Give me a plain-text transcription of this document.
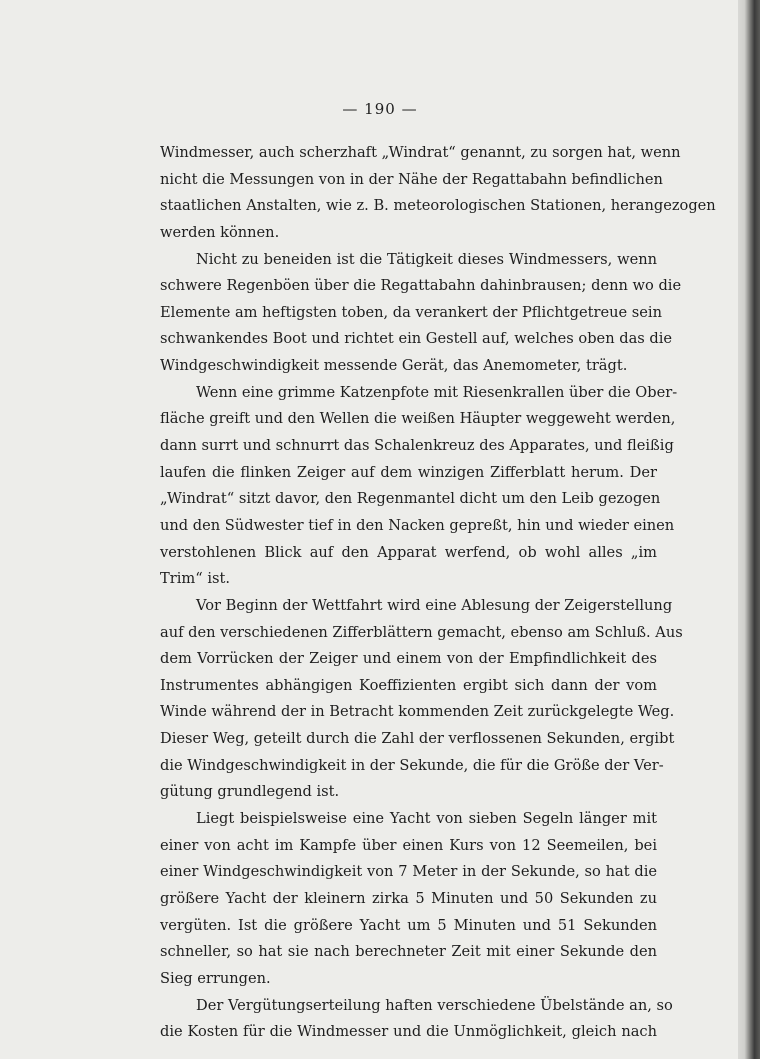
— 190 —
Windmesser, auch scherzhaft „Windrat“ genannt, zu sorgen hat, wenn
nicht die Messungen von in der Nähe der Regattabahn befindlichen
staatlichen Anstalten, wie z. B. meteorologischen Stationen, herangezogen
werden können.
Nicht zu beneiden ist die Tätigkeit dieses Windmessers, wenn
schwere Regenböen über die Regattabahn dahinbrausen; denn wo die
Elemente am heftigsten toben, da verankert der Pflichtgetreue sein
schwankendes Boot und richtet ein Gestell auf, welches oben das die
Windgeschwindigkeit messende Gerät, das Anemometer, trägt.
Wenn eine grimme Katzenpfote mit Riesenkrallen über die Ober-
fläche greift und den Wellen die weißen Häupter weggeweht werden,
dann surrt und schnurrt das Schalenkreuz des Apparates, und fleißig
laufen die flinken Zeiger auf dem winzigen Zifferblatt herum. Der
„Windrat“ sitzt davor, den Regenmantel dicht um den Leib gezogen
und den Südwester tief in den Nacken gepreßt, hin und wieder einen
verstohlenen Blick auf den Apparat werfend, ob wohl alles „im
Trim“ ist.
Vor Beginn der Wettfahrt wird eine Ablesung der Zeigerstellung
auf den verschiedenen Zifferblättern gemacht, ebenso am Schluß. Aus
dem Vorrücken der Zeiger und einem von der Empfindlichkeit des
Instrumentes abhängigen Koeffizienten ergibt sich dann der vom
Winde während der in Betracht kommenden Zeit zurückgelegte Weg.
Dieser Weg, geteilt durch die Zahl der verflossenen Sekunden, ergibt
die Windgeschwindigkeit in der Sekunde, die für die Größe der Ver-
gütung grundlegend ist.
Liegt beispielsweise eine Yacht von sieben Segeln länger mit
einer von acht im Kampfe über einen Kurs von 12 Seemeilen, bei
einer Windgeschwindigkeit von 7 Meter in der Sekunde, so hat die
größere Yacht der kleinern zirka 5 Minuten und 50 Sekunden zu
vergüten. Ist die größere Yacht um 5 Minuten und 51 Sekunden
schneller, so hat sie nach berechneter Zeit mit einer Sekunde den
Sieg errungen.
Der Vergütungserteilung haften verschiedene Übelstände an, so
die Kosten für die Windmesser und die Unmöglichkeit, gleich nach
